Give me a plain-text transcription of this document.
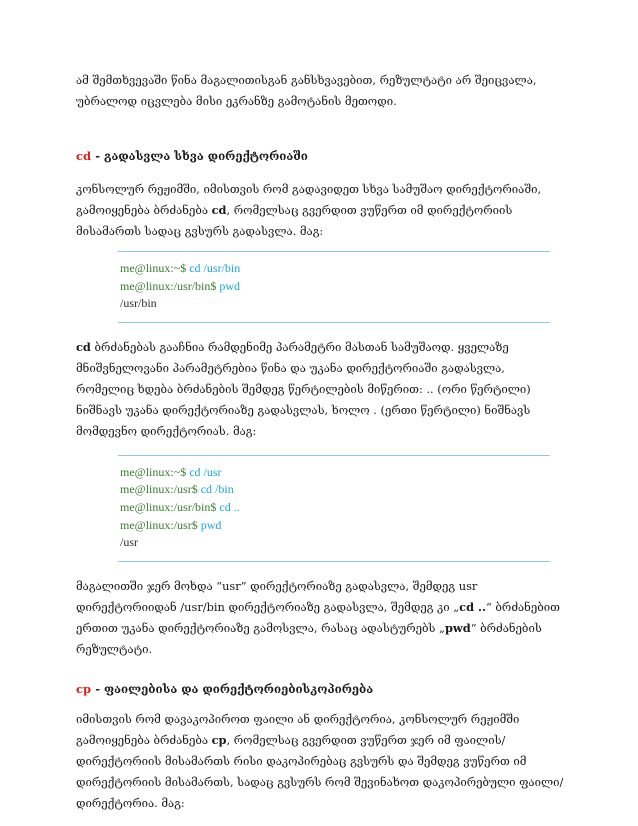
ამ შემთხვევაში წინა მაგალითისგან განსხვავებით, რეზულტატი არ შეიცვალა, უბრალოდ იცვლება მისი ეკრანზე გამოტანის მეთოდი.

cd - გადასვლა სხვა დირექტორიაში

კონსოლურ რეჟიმში, იმისთვის რომ გადავიდეთ სხვა სამუშაო დირექტორიაში, გამოიყენება ბრძანება cd, რომელსაც გვერდით ვუწერთ იმ დირექტორიის მისამართს სადაც გვსურს გადასვლა. მაგ:

me@linux:~$ cd /usr/bin
me@linux:/usr/bin$ pwd
/usr/bin

cd ბრძანებას გააჩნია რამდენიმე პარამეტრი მასთან სამუშაოდ. ყველაზე მნიშვნელოვანი პარამეტრებია წინა და უკანა დირექტორიაში გადასვლა, რომელიც ხდება ბრძანების შემდეგ წერტილების მიწერით: .. (ორი წერტილი) ნიშნავს უკანა დირექტორიაზე გადასვლას, ხოლო . (ერთი წერტილი) ნიშნავს მომდევნო დირექტორიას. მაგ:

me@linux:~$ cd /usr
me@linux:/usr$ cd /bin
me@linux:/usr/bin$ cd ..
me@linux:/usr$ pwd
/usr

მაგალითში ჯერ მოხდა “usr” დირექტორიაზე გადასვლა, შემდეგ usr დირექტორიიდან /usr/bin დირექტორიაზე გადასვლა, შემდეგ კი „cd ..“ ბრძანებით ერთით უკანა დირექტორიაზე გამოსვლა, რასაც ადასტურებს „pwd“ ბრძანების რეზულტატი.

cp - ფაილებისა და დირექტორიებისკოპირება

იმისთვის რომ დავაკოპიროთ ფაილი ან დირექტორია, კონსოლურ რეჟიმში გამოიყენება ბრძანება cp, რომელსაც გვერდით ვუწერთ ჯერ იმ ფაილის/დირექტორიის მისამართს რისი დაკოპირებაც გვსურს და შემდეგ ვუწერთ იმ დირექტორიის მისამართს, სადაც გვსურს რომ შევინახოთ დაკოპირებული ფაილი/დირექტორია. მაგ:
